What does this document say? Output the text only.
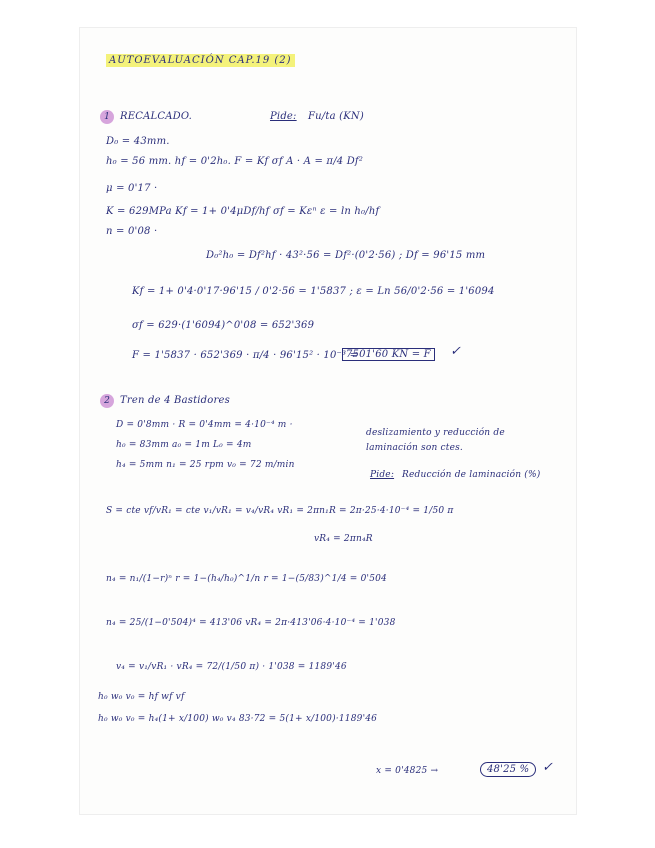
AUTOEVALUACIÓN CAP.19 (2)
1	RECALCADO.	Pide: Fu/ta (KN)
D₀ = 43mm.
h₀ = 56 mm. hf = 0'2h₀. F = Kf σf A · A = π/4 Df²
μ = 0'17 ·
K = 629MPa Kf = 1+ 0'4μDf/hf σf = Kεⁿ ε = ln h₀/hf
n = 0'08 ·
D₀²h₀ = Df²hf · 43²·56 = Df²·(0'2·56) ; Df = 96'15 mm
Kf = 1+ 0'4·0'17·96'15 / 0'2·56 = 1'5837 ; ε = Ln 56/0'2·56 = 1'6094
σf = 629·(1'6094)^0'08 = 652'369
F = 1'5837 · 652'369 · π/4 · 96'15² · 10⁻³ =
7501'60 KN = F	✓
2	Tren de 4 Bastidores
D = 0'8mm · R = 0'4mm = 4·10⁻⁴ m ·
h₀ = 83mm a₀ = 1m L₀ = 4m
h₄ = 5mm n₁ = 25 rpm v₀ = 72 m/min
deslizamiento y reducción de
laminación son ctes.
Pide: Reducción de laminación (%)
S = cte vf/vR₁ = cte v₁/vR₁ = v₄/vR₄ vR₁ = 2πn₁R = 2π·25·4·10⁻⁴ = 1/50 π
vR₄ = 2πn₄R
n₄ = n₁/(1−r)ⁿ r = 1−(h₄/h₀)^1/n r = 1−(5/83)^1/4 = 0'504
n₄ = 25/(1−0'504)⁴ = 413'06 vR₄ = 2π·413'06·4·10⁻⁴ = 1'038
v₄ = v₁/vR₁ · vR₄ = 72/(1/50 π) · 1'038 = 1189'46
h₀ w₀ v₀ = hf wf vf
h₀ w₀ v₀ = h₄(1+ x/100) w₀ v₄ 83·72 = 5(1+ x/100)·1189'46
x = 0'4825 →	48'25 % ✓
